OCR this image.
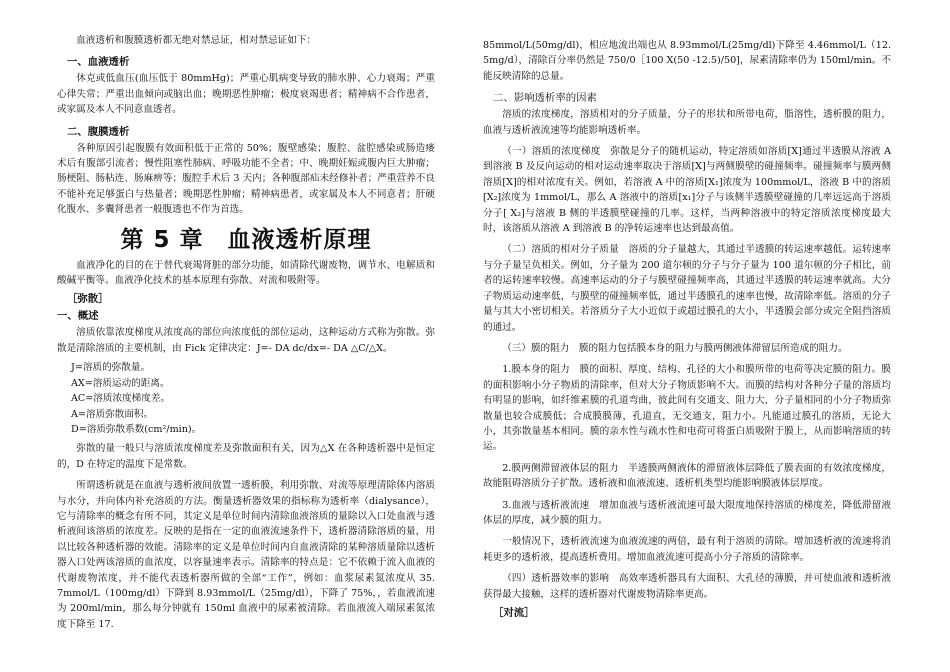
血液透析和腹膜透析都无绝对禁忌证，相对禁忌证如下：

一、血液透析

休克或低血压(血压低于 80mmHg)；严重心肌病变导致的肺水肿、心力衰竭；严重心律失常；严重出血倾向或脑出血；晚期恶性肿瘤；极度衰竭患者；精神病不合作患者，或家属及本人不同意血透者。

二、腹膜透析

各种原因引起腹膜有效面积低于正常的 50%；腹壁感染；腹腔、盆腔感染或肠造瘘术后有腹部引流者；慢性阻塞性肺病、呼吸功能不全者；中、晚期妊娠或腹内巨大肿瘤；肠梗阻、肠粘连、肠麻痹等；腹腔手术后 3 天内；各种腹部疝未经修补者；严重营养不良不能补充足够蛋白与热量者；晚期恶性肿瘤；精神病患者，或家属及本人不同意者；肝硬化腹水、多囊肾患者一般腹透也不作为首选。

第 5 章　血液透析原理

血液净化的目的在于替代衰竭肾脏的部分功能，如清除代谢废物，调节水、电解质和酸碱平衡等。血液净化技术的基本原理有弥散、对流和吸附等。

［弥散］
一、概述

溶质依靠浓度梯度从浓度高的部位向浓度低的部位运动，这种运动方式称为弥散。弥散是清除溶质的主要机制，由 Fick 定律决定：J=- DA dc/dx=- DA △C/△X。

J=溶质的弥散量。
AX=溶质运动的距离。
AC=溶质浓度梯度差。
A=溶质弥散面积。
D=溶质弥散系数(cm²/min)。

弥散的量一般只与溶质浓度梯度差及弥散面积有关，因为△X 在各种透析器中是恒定的，D 在特定的温度下是常数。

所谓透析就是在血液与透析液间放置一透析膜，利用弥散、对流等原理清除体内溶质与水分，并向体内补充溶质的方法。衡量透析器效果的指标称为透析率（dialysance），它与清除率的概念有所不同，其定义是单位时间内清除血液溶质的量除以入口处血液与透析液间该溶质的浓度差。反映的是指在一定的血液流速条件下，透析器清除溶质的量，用以比较各种透析器的效能。清除率的定义是单位时间内自血液清除的某种溶质量除以透析器入口处两该溶质的血浓度，以容量速率表示。清除率的特点是：它不依赖于流入血液的代谢废物浓度，并不能代表透析器所做的全部“工作”，例如：血浆尿素氮浓度从 35. 7mmol/L（100mg/dl）下降到 8.93mmol/L（25mg/dl），下降了 75%，，若血液流速为 200ml/min，那么每分钟就有 150ml 血液中的尿素被清除。若血液流入端尿素氮浓度下降至 17.

85mmol/L(50mg/dl)，相应地流出端也从 8.93mmol/L(25mg/dl)下降至 4.46mmol/L（12. 5mg/d），清除百分率仍然是 750/0［100 X(50 -12.5)/50]，尿素清除率仍为 150ml/min。不能反映清除的总量。

二、影响透析率的因素

溶质的浓度梯度，溶质相对的分子质量，分子的形状和所带电荷，脂溶性，透析膜的阻力，血液与透析液流速等均能影响透析率。

（一）溶质的浓度梯度　弥散是分子的随机运动，特定溶质如溶质[X]通过半透膜从溶液 A 到溶液 B 及反向运动的相对运动速率取决于溶质[X]与两侧膜壁的碰撞频率。碰撞频率与膜两侧溶质[X]的相对浓度有关。例如，若溶液 A 中的溶质[X₁]浓度为 100mmol/L，溶液 B 中的溶质[X₂]浓度为 1mmol/L，那么 A 溶液中的溶质[x₁]分子与该侧半透膜壁碰撞的几率远远高于溶质分子[ X₂]与溶液 B 侧的半透膜壁碰撞的几率。这样，当两种溶液中的特定溶质浓度梯度最大时，该溶质从溶液 A 到溶液 B 的净转运速率也达到最高值。

（二）溶质的相对分子质量　溶质的分子量越大，其通过半透膜的转运速率越低。运转速率与分子量呈负相关。例如，分子量为 200 道尔顿的分子与分子量为 100 道尔顿的分子相比，前者的运转速率较慢。高速率运动的分子与膜壁碰撞频率高，其通过半透膜的转运速率就高。大分子物质运动速率低，与膜壁的碰撞频率低，通过半透膜孔的速率也慢，故清除率低。溶质的分子量与其大小密切相关。若溶质分子大小近似于或超过膜孔的大小，半透膜会部分或完全阻挡溶质的通过。

（三）膜的阻力　膜的阻力包括膜本身的阻力与膜两侧液体滞留层所造成的阻力。

1.膜本身的阻力　膜的面积、厚度、结构、孔径的大小和膜所带的电荷等决定膜的阻力。膜的面积影响小分子物质的清除率，但对大分子物质影响不大。而膜的结构对各种分子量的溶质均有明显的影响，如纤维素膜的孔道弯曲，彼此间有交通支、阻力大，分子量相同的小分子物质弥散量也较合成膜低；合成膜膜薄，孔道直，无交通支，阻力小。凡能通过膜孔的溶质，无论大小，其弥散量基本相同。膜的亲水性与疏水性和电荷可将蛋白质吸附于膜上，从而影响溶质的转运。

2.膜两侧滞留液体层的阻力　半透膜两侧液体的滞留液体层降低了膜表面的有效浓度梯度，故能阻碍溶质分子扩散。透析液和血液流速、透析机类型均能影响膜液体层厚度。

3.血液与透析液流速　增加血液与透析液流速可最大限度地保持溶质的梯度差，降低滞留液体层的厚度，减少膜的阻力。

一般情况下，透析液流速为血液流速的两倍，最有利于溶质的清除。增加透析液的流速将消耗更多的透析液，提高透析费用。增加血液流速可提高小分子溶质的清除率。

（四）透析器效率的影响　高效率透析器具有大面积、大孔径的薄膜，并可使血液和透析液获得最大接触，这样的透析器对代谢废物清除率更高。

［对流］
